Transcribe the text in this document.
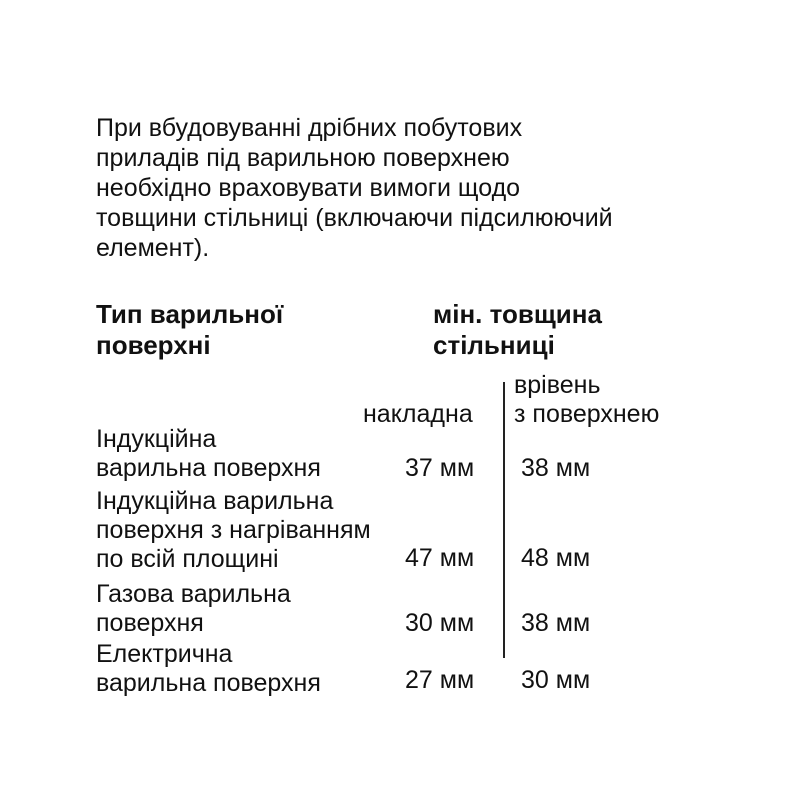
При вбудовуванні дрібних побутових
приладів під варильною поверхнею
необхідно враховувати вимоги щодо
товщини стільниці (включаючи підсилюючий
елемент).
Тип варильної
поверхні
мін. товщина
стільниці
накладна
врівень
з поверхнею
Індукційна
варильна поверхня	37 мм 38 мм
Індукційна варильна
поверхня з нагріванням
по всій площині	47 мм 48 мм
Газова варильна
поверхня	30 мм 38 мм
Електрична
варильна поверхня	27 мм 30 мм
